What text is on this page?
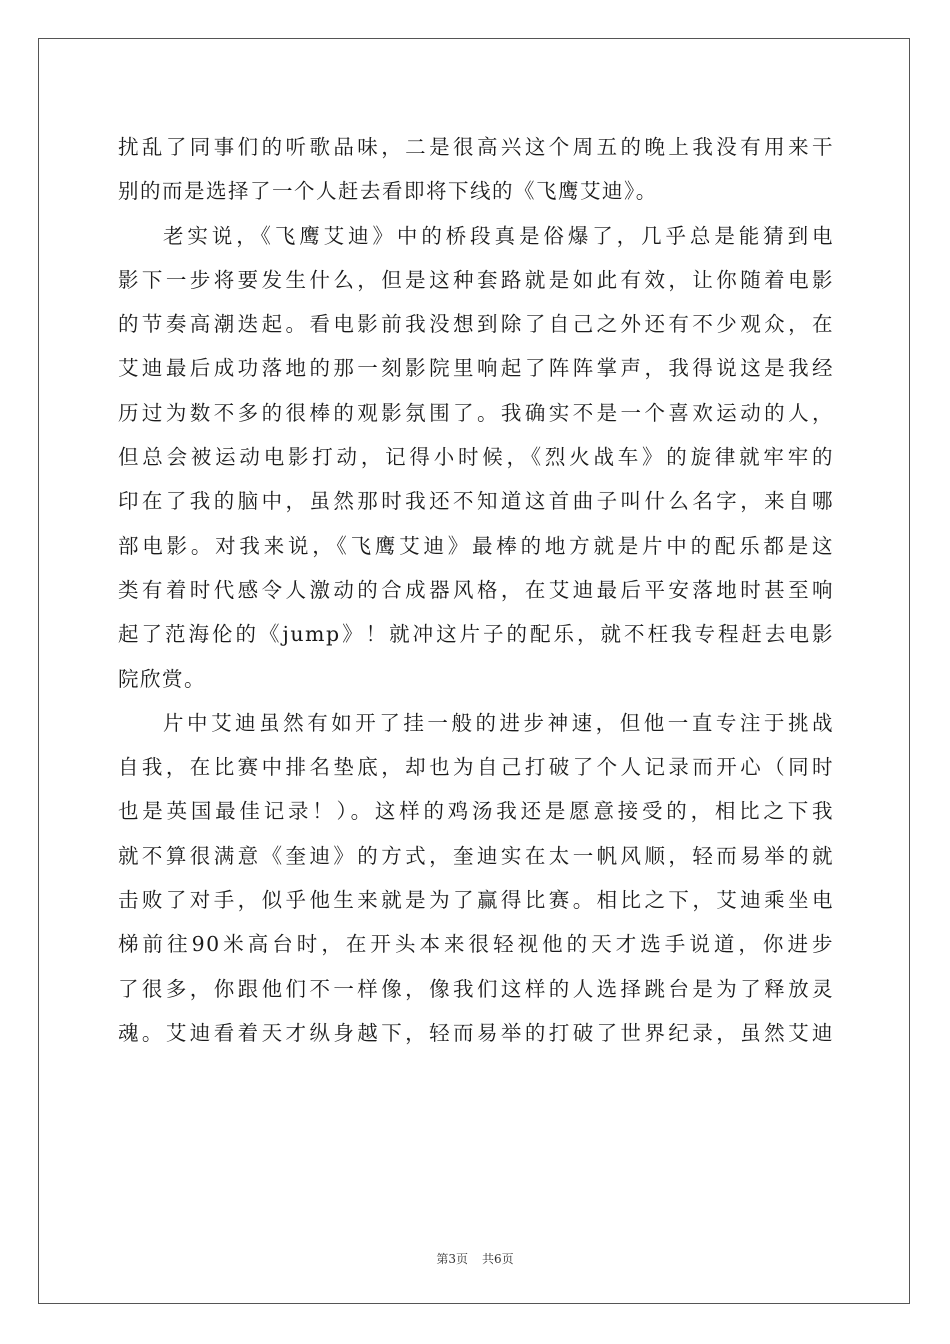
扰乱了同事们的听歌品味，二是很高兴这个周五的晚上我没有用来干
别的而是选择了一个人赶去看即将下线的《飞鹰艾迪》。
老实说，《飞鹰艾迪》中的桥段真是俗爆了，几乎总是能猜到电
影下一步将要发生什么，但是这种套路就是如此有效，让你随着电影
的节奏高潮迭起。看电影前我没想到除了自己之外还有不少观众，在
艾迪最后成功落地的那一刻影院里响起了阵阵掌声，我得说这是我经
历过为数不多的很棒的观影氛围了。我确实不是一个喜欢运动的人，
但总会被运动电影打动，记得小时候，《烈火战车》的旋律就牢牢的
印在了我的脑中，虽然那时我还不知道这首曲子叫什么名字，来自哪
部电影。对我来说，《飞鹰艾迪》最棒的地方就是片中的配乐都是这
类有着时代感令人激动的合成器风格，在艾迪最后平安落地时甚至响
起了范海伦的《jump》！就冲这片子的配乐，就不枉我专程赶去电影
院欣赏。
片中艾迪虽然有如开了挂一般的进步神速，但他一直专注于挑战
自我，在比赛中排名垫底，却也为自己打破了个人记录而开心（同时
也是英国最佳记录！）。这样的鸡汤我还是愿意接受的，相比之下我
就不算很满意《奎迪》的方式，奎迪实在太一帆风顺，轻而易举的就
击败了对手，似乎他生来就是为了赢得比赛。相比之下，艾迪乘坐电
梯前往90米高台时，在开头本来很轻视他的天才选手说道，你进步
了很多，你跟他们不一样像，像我们这样的人选择跳台是为了释放灵
魂。艾迪看着天才纵身越下，轻而易举的打破了世界纪录，虽然艾迪
第3页 共6页
